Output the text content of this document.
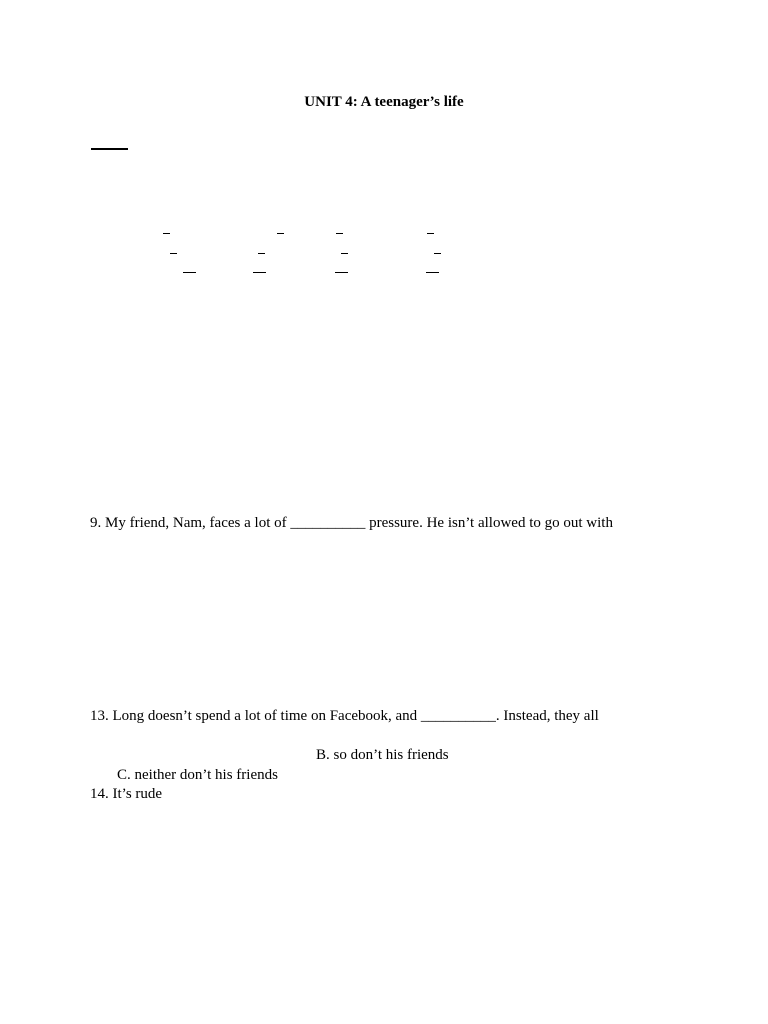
UNIT 4: A teenager’s life
9. My friend, Nam, faces a lot of __________ pressure. He isn’t allowed to go out with
13. Long doesn’t spend a lot of time on Facebook, and __________. Instead, they all
B. so don’t his friends
C. neither don’t his friends
14. It’s rude
